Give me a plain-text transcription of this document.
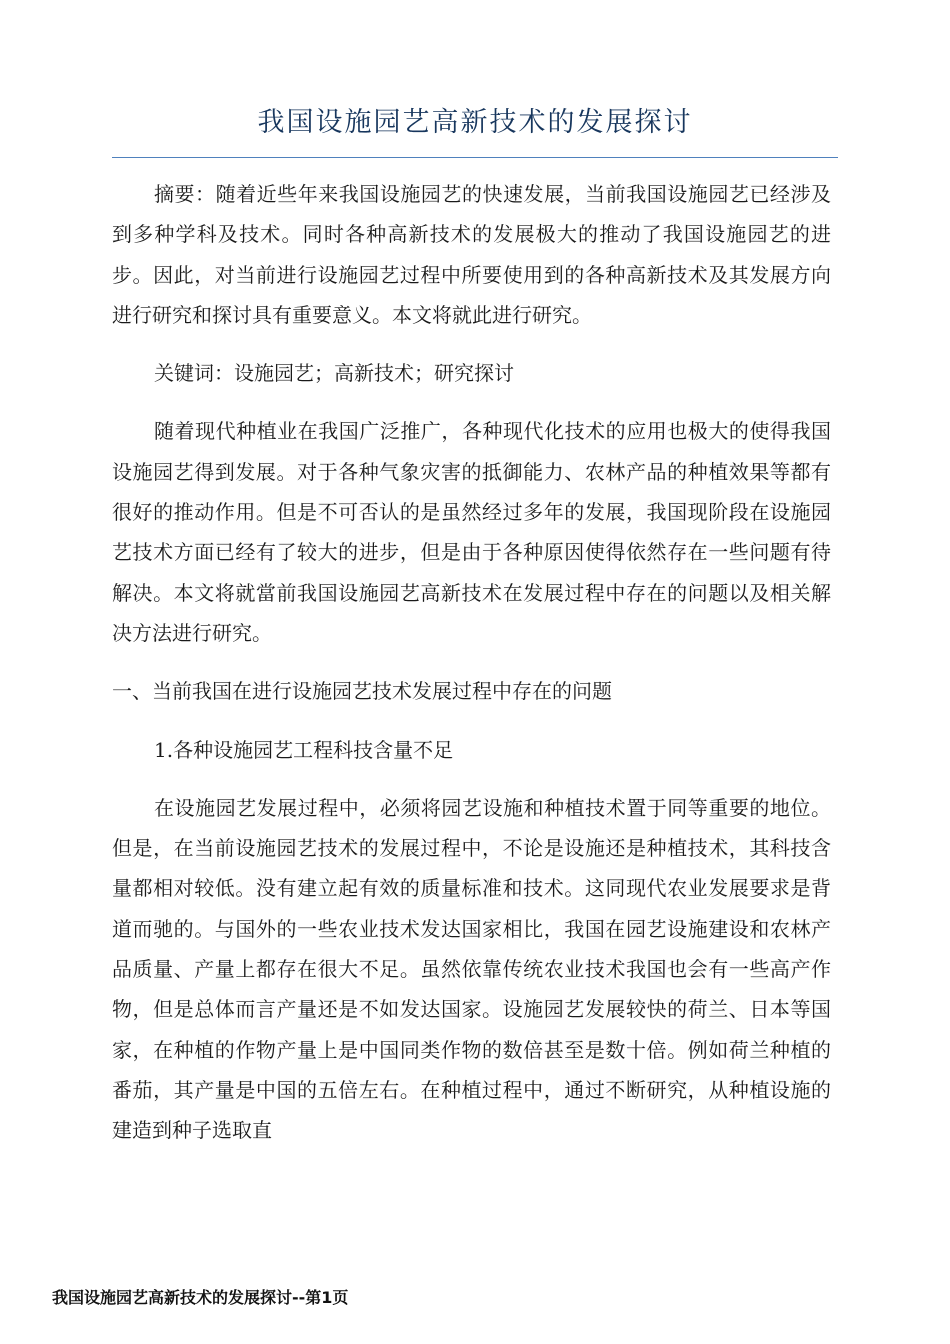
我国设施园艺高新技术的发展探讨

摘要：随着近些年来我国设施园艺的快速发展，当前我国设施园艺已经涉及到多种学科及技术。同时各种高新技术的发展极大的推动了我国设施园艺的进步。因此，对当前进行设施园艺过程中所要使用到的各种高新技术及其发展方向进行研究和探讨具有重要意义。本文将就此进行研究。

关键词：设施园艺；高新技术；研究探讨

随着现代种植业在我国广泛推广，各种现代化技术的应用也极大的使得我国设施园艺得到发展。对于各种气象灾害的抵御能力、农林产品的种植效果等都有很好的推动作用。但是不可否认的是虽然经过多年的发展，我国现阶段在设施园艺技术方面已经有了较大的进步，但是由于各种原因使得依然存在一些问题有待解决。本文将就當前我国设施园艺高新技术在发展过程中存在的问题以及相关解决方法进行研究。

一、当前我国在进行设施园艺技术发展过程中存在的问题

1.各种设施园艺工程科技含量不足

在设施园艺发展过程中，必须将园艺设施和种植技术置于同等重要的地位。但是，在当前设施园艺技术的发展过程中，不论是设施还是种植技术，其科技含量都相对较低。没有建立起有效的质量标准和技术。这同现代农业发展要求是背道而驰的。与国外的一些农业技术发达国家相比，我国在园艺设施建设和农林产品质量、产量上都存在很大不足。虽然依靠传统农业技术我国也会有一些高产作物，但是总体而言产量还是不如发达国家。设施园艺发展较快的荷兰、日本等国家，在种植的作物产量上是中国同类作物的数倍甚至是数十倍。例如荷兰种植的番茄，其产量是中国的五倍左右。在种植过程中，通过不断研究，从种植设施的建造到种子选取直

我国设施园艺高新技术的发展探讨--第1页
